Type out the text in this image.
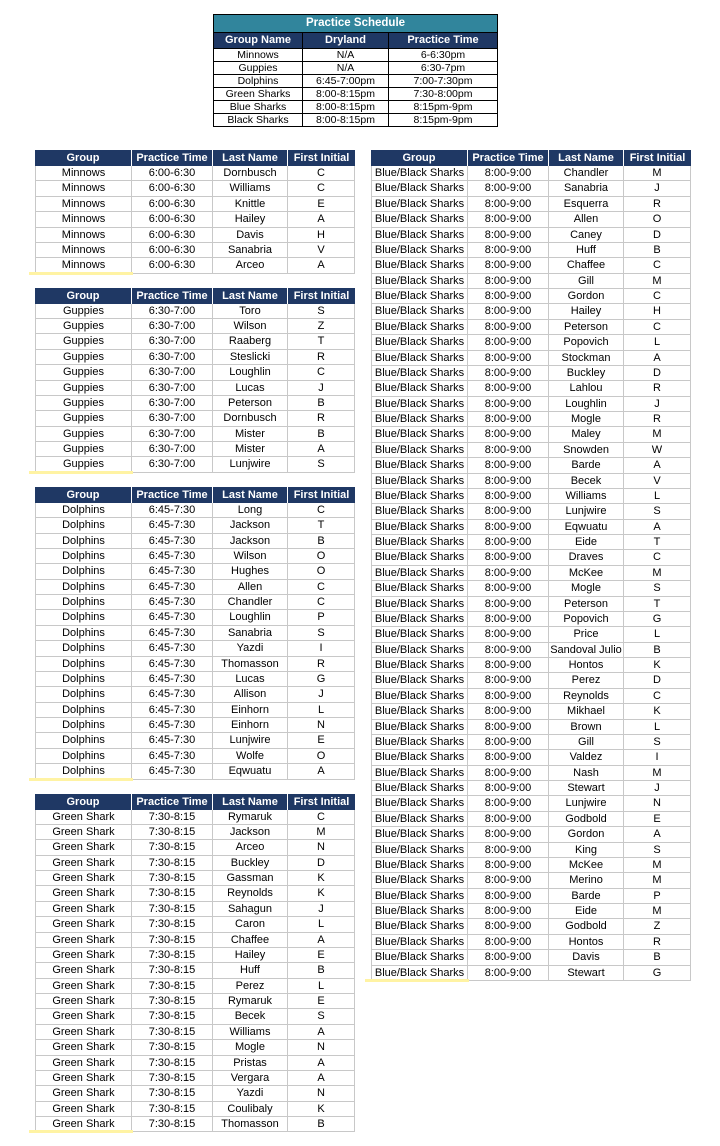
Practice Schedule
Group Name	Dryland	Practice Time
Minnows	N/A	6-6:30pm
Guppies	N/A	6:30-7pm
Dolphins	6:45-7:00pm	7:00-7:30pm
Green Sharks	8:00-8:15pm	7:30-8:00pm
Blue Sharks	8:00-8:15pm	8:15pm-9pm
Black Sharks	8:00-8:15pm	8:15pm-9pm
Group	Practice Time	Last Name	First Initial
Minnows	6:00-6:30	Dornbusch	C
Minnows	6:00-6:30	Williams	C
Minnows	6:00-6:30	Knittle	E
Minnows	6:00-6:30	Hailey	A
Minnows	6:00-6:30	Davis	H
Minnows	6:00-6:30	Sanabria	V
Minnows	6:00-6:30	Arceo	A
Group	Practice Time	Last Name	First Initial
Guppies	6:30-7:00	Toro	S
Guppies	6:30-7:00	Wilson	Z
Guppies	6:30-7:00	Raaberg	T
Guppies	6:30-7:00	Steslicki	R
Guppies	6:30-7:00	Loughlin	C
Guppies	6:30-7:00	Lucas	J
Guppies	6:30-7:00	Peterson	B
Guppies	6:30-7:00	Dornbusch	R
Guppies	6:30-7:00	Mister	B
Guppies	6:30-7:00	Mister	A
Guppies	6:30-7:00	Lunjwire	S
Group	Practice Time	Last Name	First Initial
Dolphins	6:45-7:30	Long	C
Dolphins	6:45-7:30	Jackson	T
Dolphins	6:45-7:30	Jackson	B
Dolphins	6:45-7:30	Wilson	O
Dolphins	6:45-7:30	Hughes	O
Dolphins	6:45-7:30	Allen	C
Dolphins	6:45-7:30	Chandler	C
Dolphins	6:45-7:30	Loughlin	P
Dolphins	6:45-7:30	Sanabria	S
Dolphins	6:45-7:30	Yazdi	I
Dolphins	6:45-7:30	Thomasson	R
Dolphins	6:45-7:30	Lucas	G
Dolphins	6:45-7:30	Allison	J
Dolphins	6:45-7:30	Einhorn	L
Dolphins	6:45-7:30	Einhorn	N
Dolphins	6:45-7:30	Lunjwire	E
Dolphins	6:45-7:30	Wolfe	O
Dolphins	6:45-7:30	Eqwuatu	A
Group	Practice Time	Last Name	First Initial
Green Shark	7:30-8:15	Rymaruk	C
Green Shark	7:30-8:15	Jackson	M
Green Shark	7:30-8:15	Arceo	N
Green Shark	7:30-8:15	Buckley	D
Green Shark	7:30-8:15	Gassman	K
Green Shark	7:30-8:15	Reynolds	K
Green Shark	7:30-8:15	Sahagun	J
Green Shark	7:30-8:15	Caron	L
Green Shark	7:30-8:15	Chaffee	A
Green Shark	7:30-8:15	Hailey	E
Green Shark	7:30-8:15	Huff	B
Green Shark	7:30-8:15	Perez	L
Green Shark	7:30-8:15	Rymaruk	E
Green Shark	7:30-8:15	Becek	S
Green Shark	7:30-8:15	Williams	A
Green Shark	7:30-8:15	Mogle	N
Green Shark	7:30-8:15	Pristas	A
Green Shark	7:30-8:15	Vergara	A
Green Shark	7:30-8:15	Yazdi	N
Green Shark	7:30-8:15	Coulibaly	K
Green Shark	7:30-8:15	Thomasson	B
Group	Practice Time	Last Name	First Initial
Blue/Black Sharks	8:00-9:00	Chandler	M
Blue/Black Sharks	8:00-9:00	Sanabria	J
Blue/Black Sharks	8:00-9:00	Esquerra	R
Blue/Black Sharks	8:00-9:00	Allen	O
Blue/Black Sharks	8:00-9:00	Caney	D
Blue/Black Sharks	8:00-9:00	Huff	B
Blue/Black Sharks	8:00-9:00	Chaffee	C
Blue/Black Sharks	8:00-9:00	Gill	M
Blue/Black Sharks	8:00-9:00	Gordon	C
Blue/Black Sharks	8:00-9:00	Hailey	H
Blue/Black Sharks	8:00-9:00	Peterson	C
Blue/Black Sharks	8:00-9:00	Popovich	L
Blue/Black Sharks	8:00-9:00	Stockman	A
Blue/Black Sharks	8:00-9:00	Buckley	D
Blue/Black Sharks	8:00-9:00	Lahlou	R
Blue/Black Sharks	8:00-9:00	Loughlin	J
Blue/Black Sharks	8:00-9:00	Mogle	R
Blue/Black Sharks	8:00-9:00	Maley	M
Blue/Black Sharks	8:00-9:00	Snowden	W
Blue/Black Sharks	8:00-9:00	Barde	A
Blue/Black Sharks	8:00-9:00	Becek	V
Blue/Black Sharks	8:00-9:00	Williams	L
Blue/Black Sharks	8:00-9:00	Lunjwire	S
Blue/Black Sharks	8:00-9:00	Eqwuatu	A
Blue/Black Sharks	8:00-9:00	Eide	T
Blue/Black Sharks	8:00-9:00	Draves	C
Blue/Black Sharks	8:00-9:00	McKee	M
Blue/Black Sharks	8:00-9:00	Mogle	S
Blue/Black Sharks	8:00-9:00	Peterson	T
Blue/Black Sharks	8:00-9:00	Popovich	G
Blue/Black Sharks	8:00-9:00	Price	L
Blue/Black Sharks	8:00-9:00	Sandoval Julio	B
Blue/Black Sharks	8:00-9:00	Hontos	K
Blue/Black Sharks	8:00-9:00	Perez	D
Blue/Black Sharks	8:00-9:00	Reynolds	C
Blue/Black Sharks	8:00-9:00	Mikhael	K
Blue/Black Sharks	8:00-9:00	Brown	L
Blue/Black Sharks	8:00-9:00	Gill	S
Blue/Black Sharks	8:00-9:00	Valdez	I
Blue/Black Sharks	8:00-9:00	Nash	M
Blue/Black Sharks	8:00-9:00	Stewart	J
Blue/Black Sharks	8:00-9:00	Lunjwire	N
Blue/Black Sharks	8:00-9:00	Godbold	E
Blue/Black Sharks	8:00-9:00	Gordon	A
Blue/Black Sharks	8:00-9:00	King	S
Blue/Black Sharks	8:00-9:00	McKee	M
Blue/Black Sharks	8:00-9:00	Merino	M
Blue/Black Sharks	8:00-9:00	Barde	P
Blue/Black Sharks	8:00-9:00	Eide	M
Blue/Black Sharks	8:00-9:00	Godbold	Z
Blue/Black Sharks	8:00-9:00	Hontos	R
Blue/Black Sharks	8:00-9:00	Davis	B
Blue/Black Sharks	8:00-9:00	Stewart	G
